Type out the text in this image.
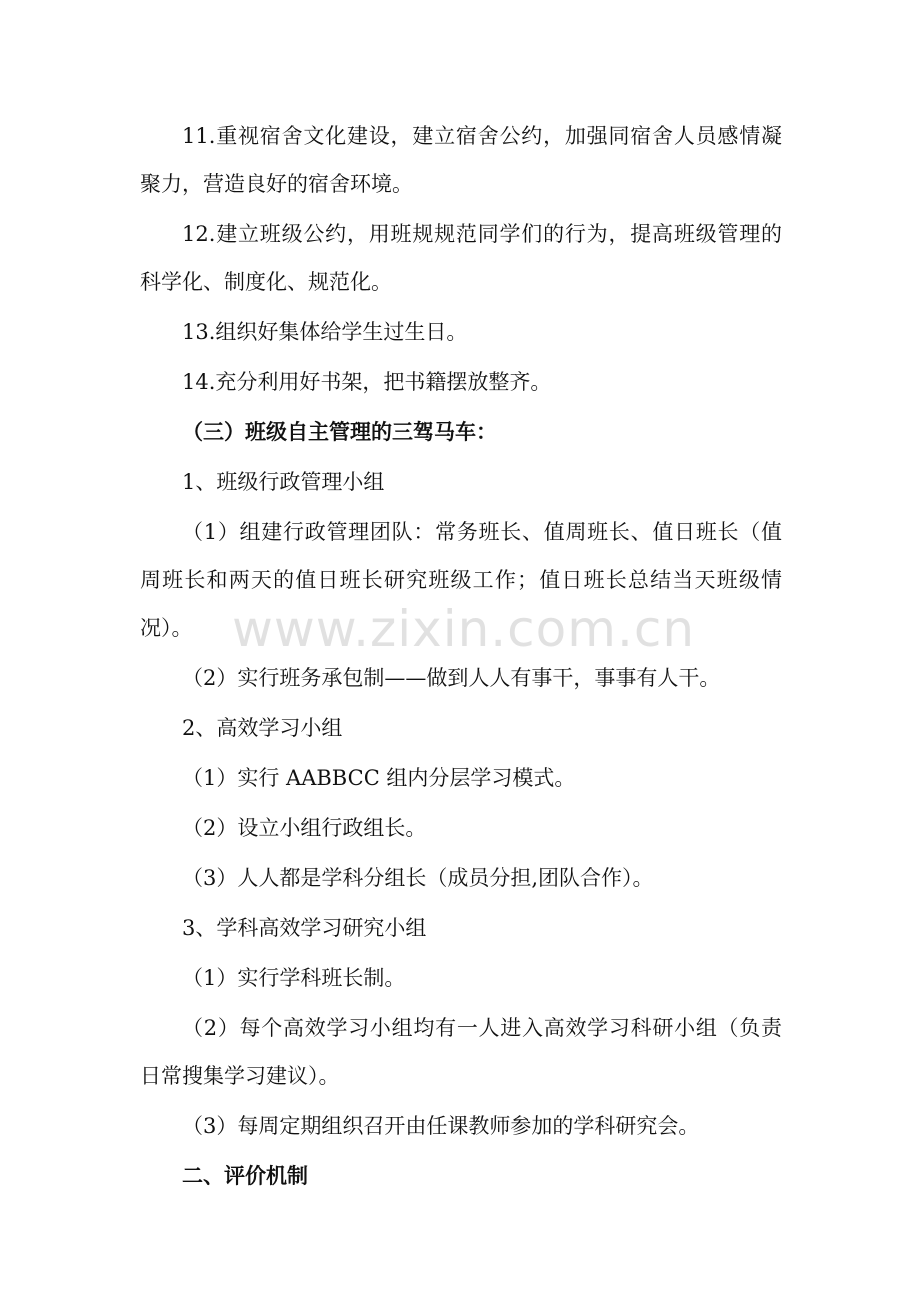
11.重视宿舍文化建设，建立宿舍公约，加强同宿舍人员感情凝聚力，营造良好的宿舍环境。

12.建立班级公约，用班规规范同学们的行为，提高班级管理的科学化、制度化、规范化。

13.组织好集体给学生过生日。

14.充分利用好书架，把书籍摆放整齐。

（三）班级自主管理的三驾马车：

1、班级行政管理小组

（1）组建行政管理团队：常务班长、值周班长、值日班长（值周班长和两天的值日班长研究班级工作；值日班长总结当天班级情况）。

（2）实行班务承包制——做到人人有事干，事事有人干。

2、高效学习小组

（1）实行 AABBCC 组内分层学习模式。

（2）设立小组行政组长。

（3）人人都是学科分组长（成员分担,团队合作）。

3、学科高效学习研究小组

（1）实行学科班长制。

（2）每个高效学习小组均有一人进入高效学习科研小组（负责日常搜集学习建议）。

（3）每周定期组织召开由任课教师参加的学科研究会。

二、评价机制

www.zixin.com.cn
